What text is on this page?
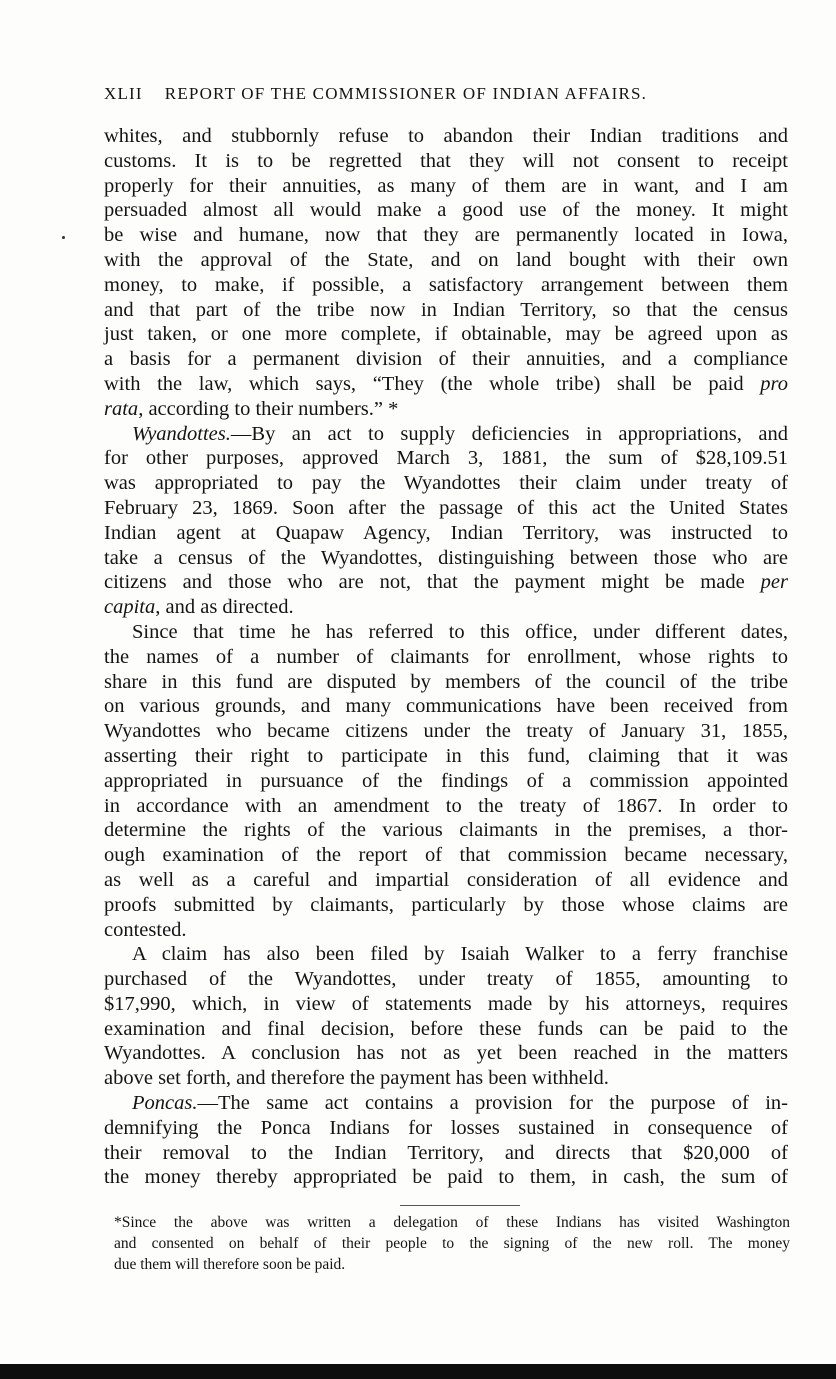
XLII REPORT OF THE COMMISSIONER OF INDIAN AFFAIRS.
whites, and stubbornly refuse to abandon their Indian traditions and
customs. It is to be regretted that they will not consent to receipt
properly for their annuities, as many of them are in want, and I am
persuaded almost all would make a good use of the money. It might
be wise and humane, now that they are permanently located in Iowa,
with the approval of the State, and on land bought with their own
money, to make, if possible, a satisfactory arrangement between them
and that part of the tribe now in Indian Territory, so that the census
just taken, or one more complete, if obtainable, may be agreed upon as
a basis for a permanent division of their annuities, and a compliance
with the law, which says, “They (the whole tribe) shall be paid pro
rata, according to their numbers.” *
Wyandottes.—By an act to supply deficiencies in appropriations, and
for other purposes, approved March 3, 1881, the sum of $28,109.51
was appropriated to pay the Wyandottes their claim under treaty of
February 23, 1869. Soon after the passage of this act the United States
Indian agent at Quapaw Agency, Indian Territory, was instructed to
take a census of the Wyandottes, distinguishing between those who are
citizens and those who are not, that the payment might be made per
capita, and as directed.
Since that time he has referred to this office, under different dates,
the names of a number of claimants for enrollment, whose rights to
share in this fund are disputed by members of the council of the tribe
on various grounds, and many communications have been received from
Wyandottes who became citizens under the treaty of January 31, 1855,
asserting their right to participate in this fund, claiming that it was
appropriated in pursuance of the findings of a commission appointed
in accordance with an amendment to the treaty of 1867. In order to
determine the rights of the various claimants in the premises, a thor-
ough examination of the report of that commission became necessary,
as well as a careful and impartial consideration of all evidence and
proofs submitted by claimants, particularly by those whose claims are
contested.
A claim has also been filed by Isaiah Walker to a ferry franchise
purchased of the Wyandottes, under treaty of 1855, amounting to
$17,990, which, in view of statements made by his attorneys, requires
examination and final decision, before these funds can be paid to the
Wyandottes. A conclusion has not as yet been reached in the matters
above set forth, and therefore the payment has been withheld.
Poncas.—The same act contains a provision for the purpose of in-
demnifying the Ponca Indians for losses sustained in consequence of
their removal to the Indian Territory, and directs that $20,000 of
the money thereby appropriated be paid to them, in cash, the sum of
*Since the above was written a delegation of these Indians has visited Washington
and consented on behalf of their people to the signing of the new roll. The money
due them will therefore soon be paid.
